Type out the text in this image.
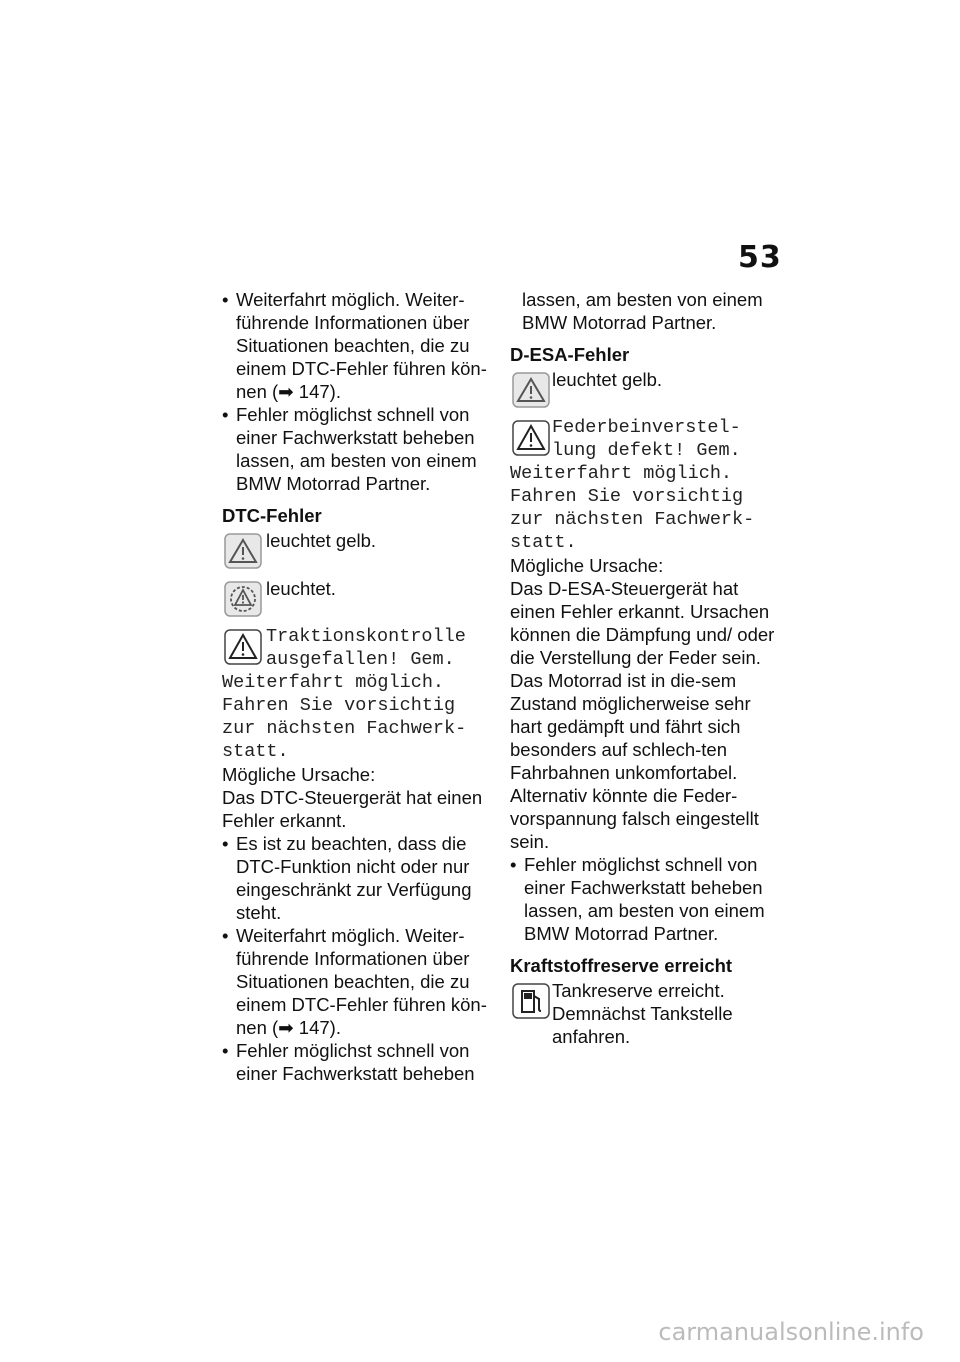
53
• Weiterfahrt möglich. Weiter-führende Informationen über Situationen beachten, die zu einem DTC-Fehler führen kön-nen (➡ 147).
• Fehler möglichst schnell von einer Fachwerkstatt beheben lassen, am besten von einem BMW Motorrad Partner.
DTC-Fehler
leuchtet gelb.
leuchtet.
Traktionskontrolle
ausgefallen! Gem.
Weiterfahrt möglich.
Fahren Sie vorsichtig
zur nächsten Fachwerk-
statt.
Mögliche Ursache:
Das DTC-Steuergerät hat einen Fehler erkannt.
• Es ist zu beachten, dass die DTC-Funktion nicht oder nur eingeschränkt zur Verfügung steht.
• Weiterfahrt möglich. Weiter-führende Informationen über Situationen beachten, die zu einem DTC-Fehler führen kön-nen (➡ 147).
• Fehler möglichst schnell von einer Fachwerkstatt beheben
lassen, am besten von einem BMW Motorrad Partner.
D-ESA-Fehler
leuchtet gelb.
Federbeinverstel-
lung defekt! Gem.
Weiterfahrt möglich.
Fahren Sie vorsichtig
zur nächsten Fachwerk-
statt.
Mögliche Ursache:
Das D-ESA-Steuergerät hat einen Fehler erkannt. Ursachen können die Dämpfung und/ oder die Verstellung der Feder sein. Das Motorrad ist in die-sem Zustand möglicherweise sehr hart gedämpft und fährt sich besonders auf schlech-ten Fahrbahnen unkomfortabel. Alternativ könnte die Feder-vorspannung falsch eingestellt sein.
• Fehler möglichst schnell von einer Fachwerkstatt beheben lassen, am besten von einem BMW Motorrad Partner.
Kraftstoffreserve erreicht
Tankreserve erreicht. Demnächst Tankstelle anfahren.
carmanualsonline.info
